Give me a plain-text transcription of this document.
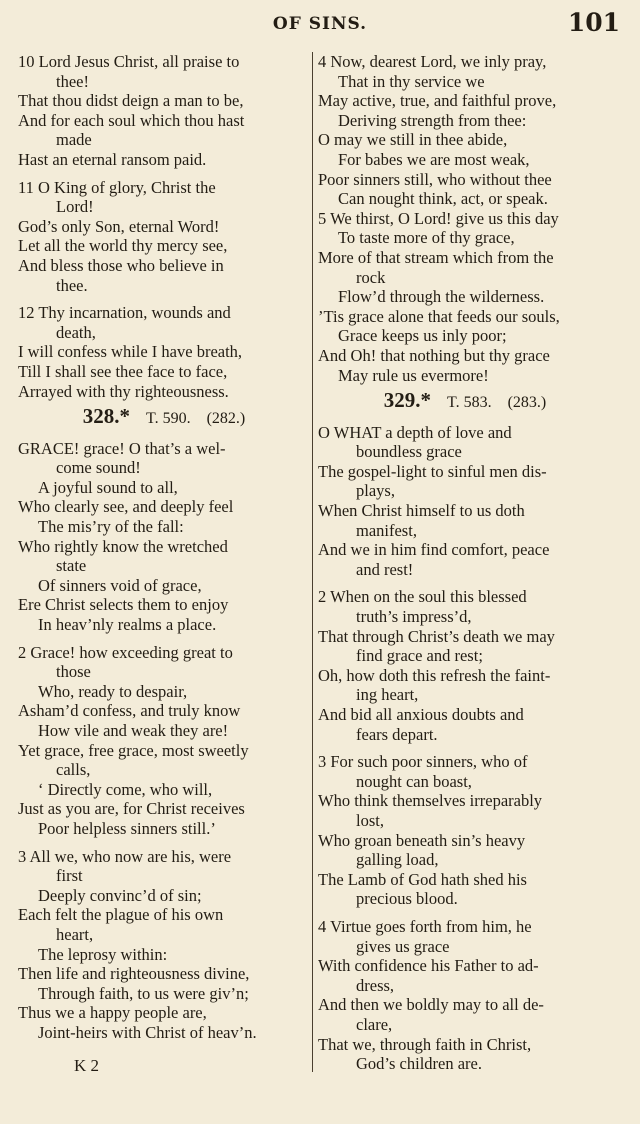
OF SINS.	101
10 Lord Jesus Christ, all praise to
thee!
That thou didst deign a man to be,
And for each soul which thou hast
made
Hast an eternal ransom paid.
11 O King of glory, Christ the
Lord!
God’s only Son, eternal Word!
Let all the world thy mercy see,
And bless those who believe in
thee.
12 Thy incarnation, wounds and
death,
I will confess while I have breath,
Till I shall see thee face to face,
Arrayed with thy righteousness.
328.*  T. 590.  (282.)
GRACE! grace! O that’s a wel-
come sound!
A joyful sound to all,
Who clearly see, and deeply feel
The mis’ry of the fall:
Who rightly know the wretched
state
Of sinners void of grace,
Ere Christ selects them to enjoy
In heav’nly realms a place.
2 Grace! how exceeding great to
those
Who, ready to despair,
Asham’d confess, and truly know
How vile and weak they are!
Yet grace, free grace, most sweetly
calls,
‘ Directly come, who will,
Just as you are, for Christ receives
Poor helpless sinners still.’
3 All we, who now are his, were
first
Deeply convinc’d of sin;
Each felt the plague of his own
heart,
The leprosy within:
Then life and righteousness divine,
Through faith, to us were giv’n;
Thus we a happy people are,
Joint-heirs with Christ of heav’n.
4 Now, dearest Lord, we inly pray,
That in thy service we
May active, true, and faithful prove,
Deriving strength from thee:
O may we still in thee abide,
For babes we are most weak,
Poor sinners still, who without thee
Can nought think, act, or speak.
5 We thirst, O Lord! give us this day
To taste more of thy grace,
More of that stream which from the
rock
Flow’d through the wilderness.
’Tis grace alone that feeds our souls,
Grace keeps us inly poor;
And Oh! that nothing but thy grace
May rule us evermore!
329.*  T. 583.  (283.)
O WHAT a depth of love and
boundless grace
The gospel-light to sinful men dis-
plays,
When Christ himself to us doth
manifest,
And we in him find comfort, peace
and rest!
2 When on the soul this blessed
truth’s impress’d,
That through Christ’s death we may
find grace and rest;
Oh, how doth this refresh the faint-
ing heart,
And bid all anxious doubts and
fears depart.
3 For such poor sinners, who of
nought can boast,
Who think themselves irreparably
lost,
Who groan beneath sin’s heavy
galling load,
The Lamb of God hath shed his
precious blood.
4 Virtue goes forth from him, he
gives us grace
With confidence his Father to ad-
dress,
And then we boldly may to all de-
clare,
That we, through faith in Christ,
God’s children are.
K 2
